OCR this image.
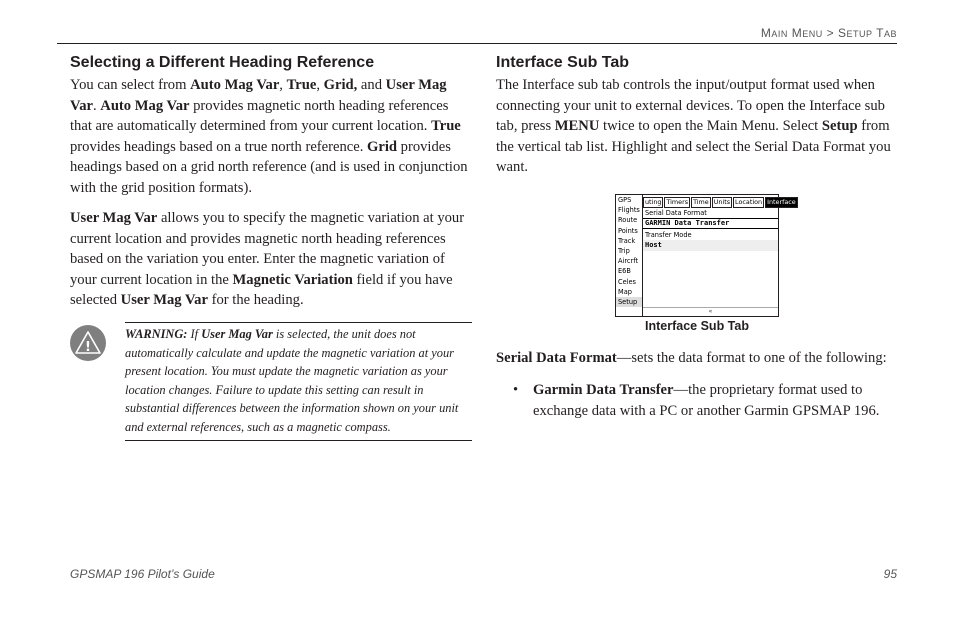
MAIN MENU > SETUP TAB
Selecting a Different Heading Reference
You can select from Auto Mag Var, True, Grid, and User Mag Var. Auto Mag Var provides magnetic north heading references that are automatically determined from your current location. True provides headings based on a true north reference. Grid provides headings based on a grid north reference (and is used in conjunction with the grid position formats).
User Mag Var allows you to specify the magnetic variation at your current location and provides magnetic north heading references based on the variation you enter. Enter the magnetic variation of your current location in the Magnetic Variation field if you have selected User Mag Var for the heading.
!
WARNING: If User Mag Var is selected, the unit does not automatically calculate and update the magnetic variation at your present location. You must update the magnetic variation as your location changes. Failure to update this setting can result in substantial differences between the information shown on your unit and external references, such as a magnetic compass.
Interface Sub Tab
The Interface sub tab controls the input/output format used when connecting your unit to external devices. To open the Interface sub tab, press MENU twice to open the Main Menu. Select Setup from the vertical tab list. Highlight and select the Serial Data Format you want.
GPS
Flights
Route
Points
Track
Trip
Aircrft
E6B
Celes
Map
Setup
uting Timers Time Units Location Interface
Serial Data Format
GARMIN Data Transfer
Transfer Mode
Host
«
Interface Sub Tab
Serial Data Format—sets the data format to one of the following:
• Garmin Data Transfer—the proprietary format used to exchange data with a PC or another Garmin GPSMAP 196.
GPSMAP 196 Pilot’s Guide	95
